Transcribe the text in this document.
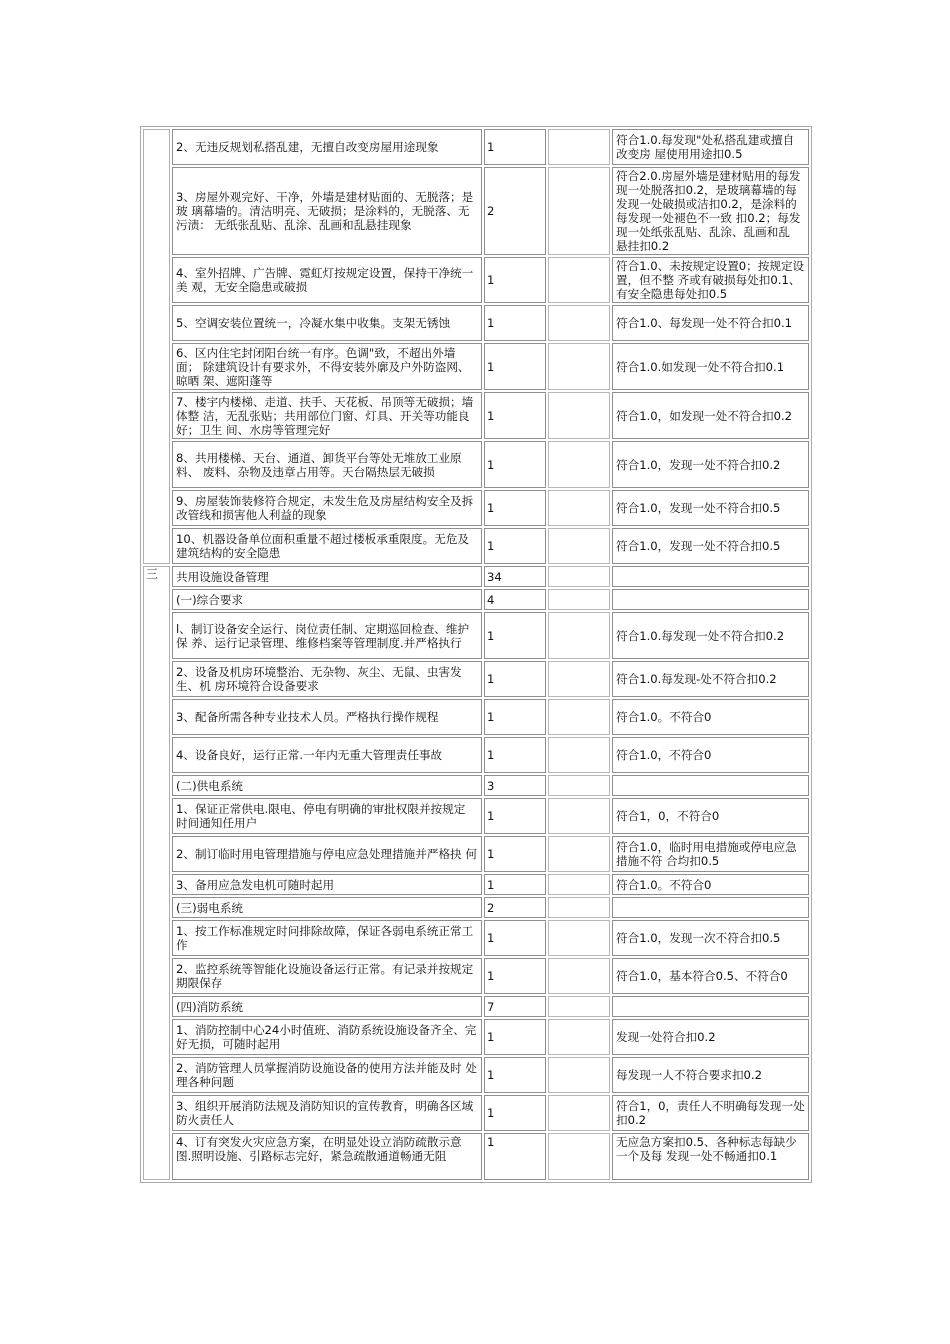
	2、无违反规划私搭乱建，无擅自改变房屋用途现象	1		符合1.0.每发现"处私搭乱建或擅自改变房 屋使用用途扣0.5
	3、房屋外观完好、干净，外墙是建材贴面的、无脱落；是玻 璃幕墙的。清洁明亮、无破损；是涂料的，无脱落、无污渍： 无纸张乱贴、乱涂、乱画和乱悬挂现象	2		符合2.0.房屋外墙是建材贴用的每发现一处脱落扣0.2，是玻璃幕墙的每发现一处破损或洁扣0.2，是涂料的每发现一处褪色不一致 扣0.2；每发现一处纸张乱贴、乱涂、乱画和乱 悬挂扣0.2
	4、室外招牌、广告牌、霓虹灯按规定设置，保持干净统一美 观，无安全隐患或破损	1		符合1.0、未按规定设置0；按规定设置，但不整 齐或有破损每处扣0.1、有安全隐患每处扣0.5
	5、空调安装位置统一，冷凝水集中收集。支架无锈蚀	1		符合1.0、每发现一处不符合扣0.1
	6、区内住宅封闭阳台统一有序。色调"致，不超出外墙面； 除建筑设计有要求外，不得安装外廓及户外防盗网、晾晒 架、遮阳蓬等	1		符合1.0.如发现一处不符合扣0.1
	7、楼宇内楼梯、走道、扶手、天花板、吊顶等无破损；墙体整 洁，无乱张贴；共用部位门窗、灯具、开关等功能良好；卫生 间、水房等管理完好	1		符合1.0，如发现一处不符合扣0.2
	8、共用楼梯、天台、通道、卸货平台等处无堆放工业原料、 废料、杂物及违章占用等。天台隔热层无破损	1		符合1.0，发现一处不符合扣0.2
	9、房屋装饰装修符合规定，未发生危及房屋结构安全及拆 改管线和损害他人利益的现象	1		符合1.0，发现一处不符合扣0.5
	10、机器设备单位面积重量不超过楼板承重限度。无危及 建筑结构的安全隐患	1		符合1.0，发现一处不符合扣0.5
三	共用设施设备管理	34		
	(一)综合要求	4		
	l、制订设备安全运行、岗位责任制、定期巡回检查、维护保 养、运行记录管理、维修档案等管理制度.并严格执行	1		符合1.0.每发现一处不符合扣0.2
	2、设备及机房环境整治、无杂物、灰尘、无鼠、虫害发生、机 房环境符合设备要求	1		符合1.0.每发现-处不符合扣0.2
	3、配备所需各种专业技术人员。严格执行操作规程	1		符合1.0。不符合0
	4、设备良好，运行正常.一年内无重大管理责任事故	1		符合1.0，不符合0
	(二)供电系统	3		
	1、保证正常供电.限电、停电有明确的审批权限并按规定 时间通知任用户	1		符合1，0，不符合0
	2、制订临时用电管理措施与停电应急处理措施并严格抉 何	1		符合1.0，临时用电措施或停电应急措施不符 合均扣0.5
	3、备用应急发电机可随时起用	1		符合1.0。不符合0
	(三)弱电系统	2		
	1、按工作标准规定时问排除故障，保证各弱电系统正常工 作	1		符合1.0，发现一次不符合扣0.5
	2、监控系统等智能化设施设备运行正常。有记录并按规定 期限保存	1		符合1.0，基本符合0.5、不符合0
	(四)消防系统	7		
	1、消防控制中心24小时值班、消防系统设施设备齐全、完 好无损，可随时起用	1		发现一处符合扣0.2
	2、消防管理人员掌握消防设施设备的使用方法并能及时 处理各种问题	1		每发现一人不符合要求扣0.2
	3、组织开展消防法规及消防知识的宣传教育，明确各区域 防火责任人	1		符合1，0，责任人不明确每发现一处扣0.2
	4、订有突发火灾应急方案，在明显处设立消防疏散示意 图.照明设施、引路标志完好，紧急疏散通道畅通无阻	1		无应急方案扣0.5、各种标志每缺少一个及每 发现一处不畅通扣0.1
